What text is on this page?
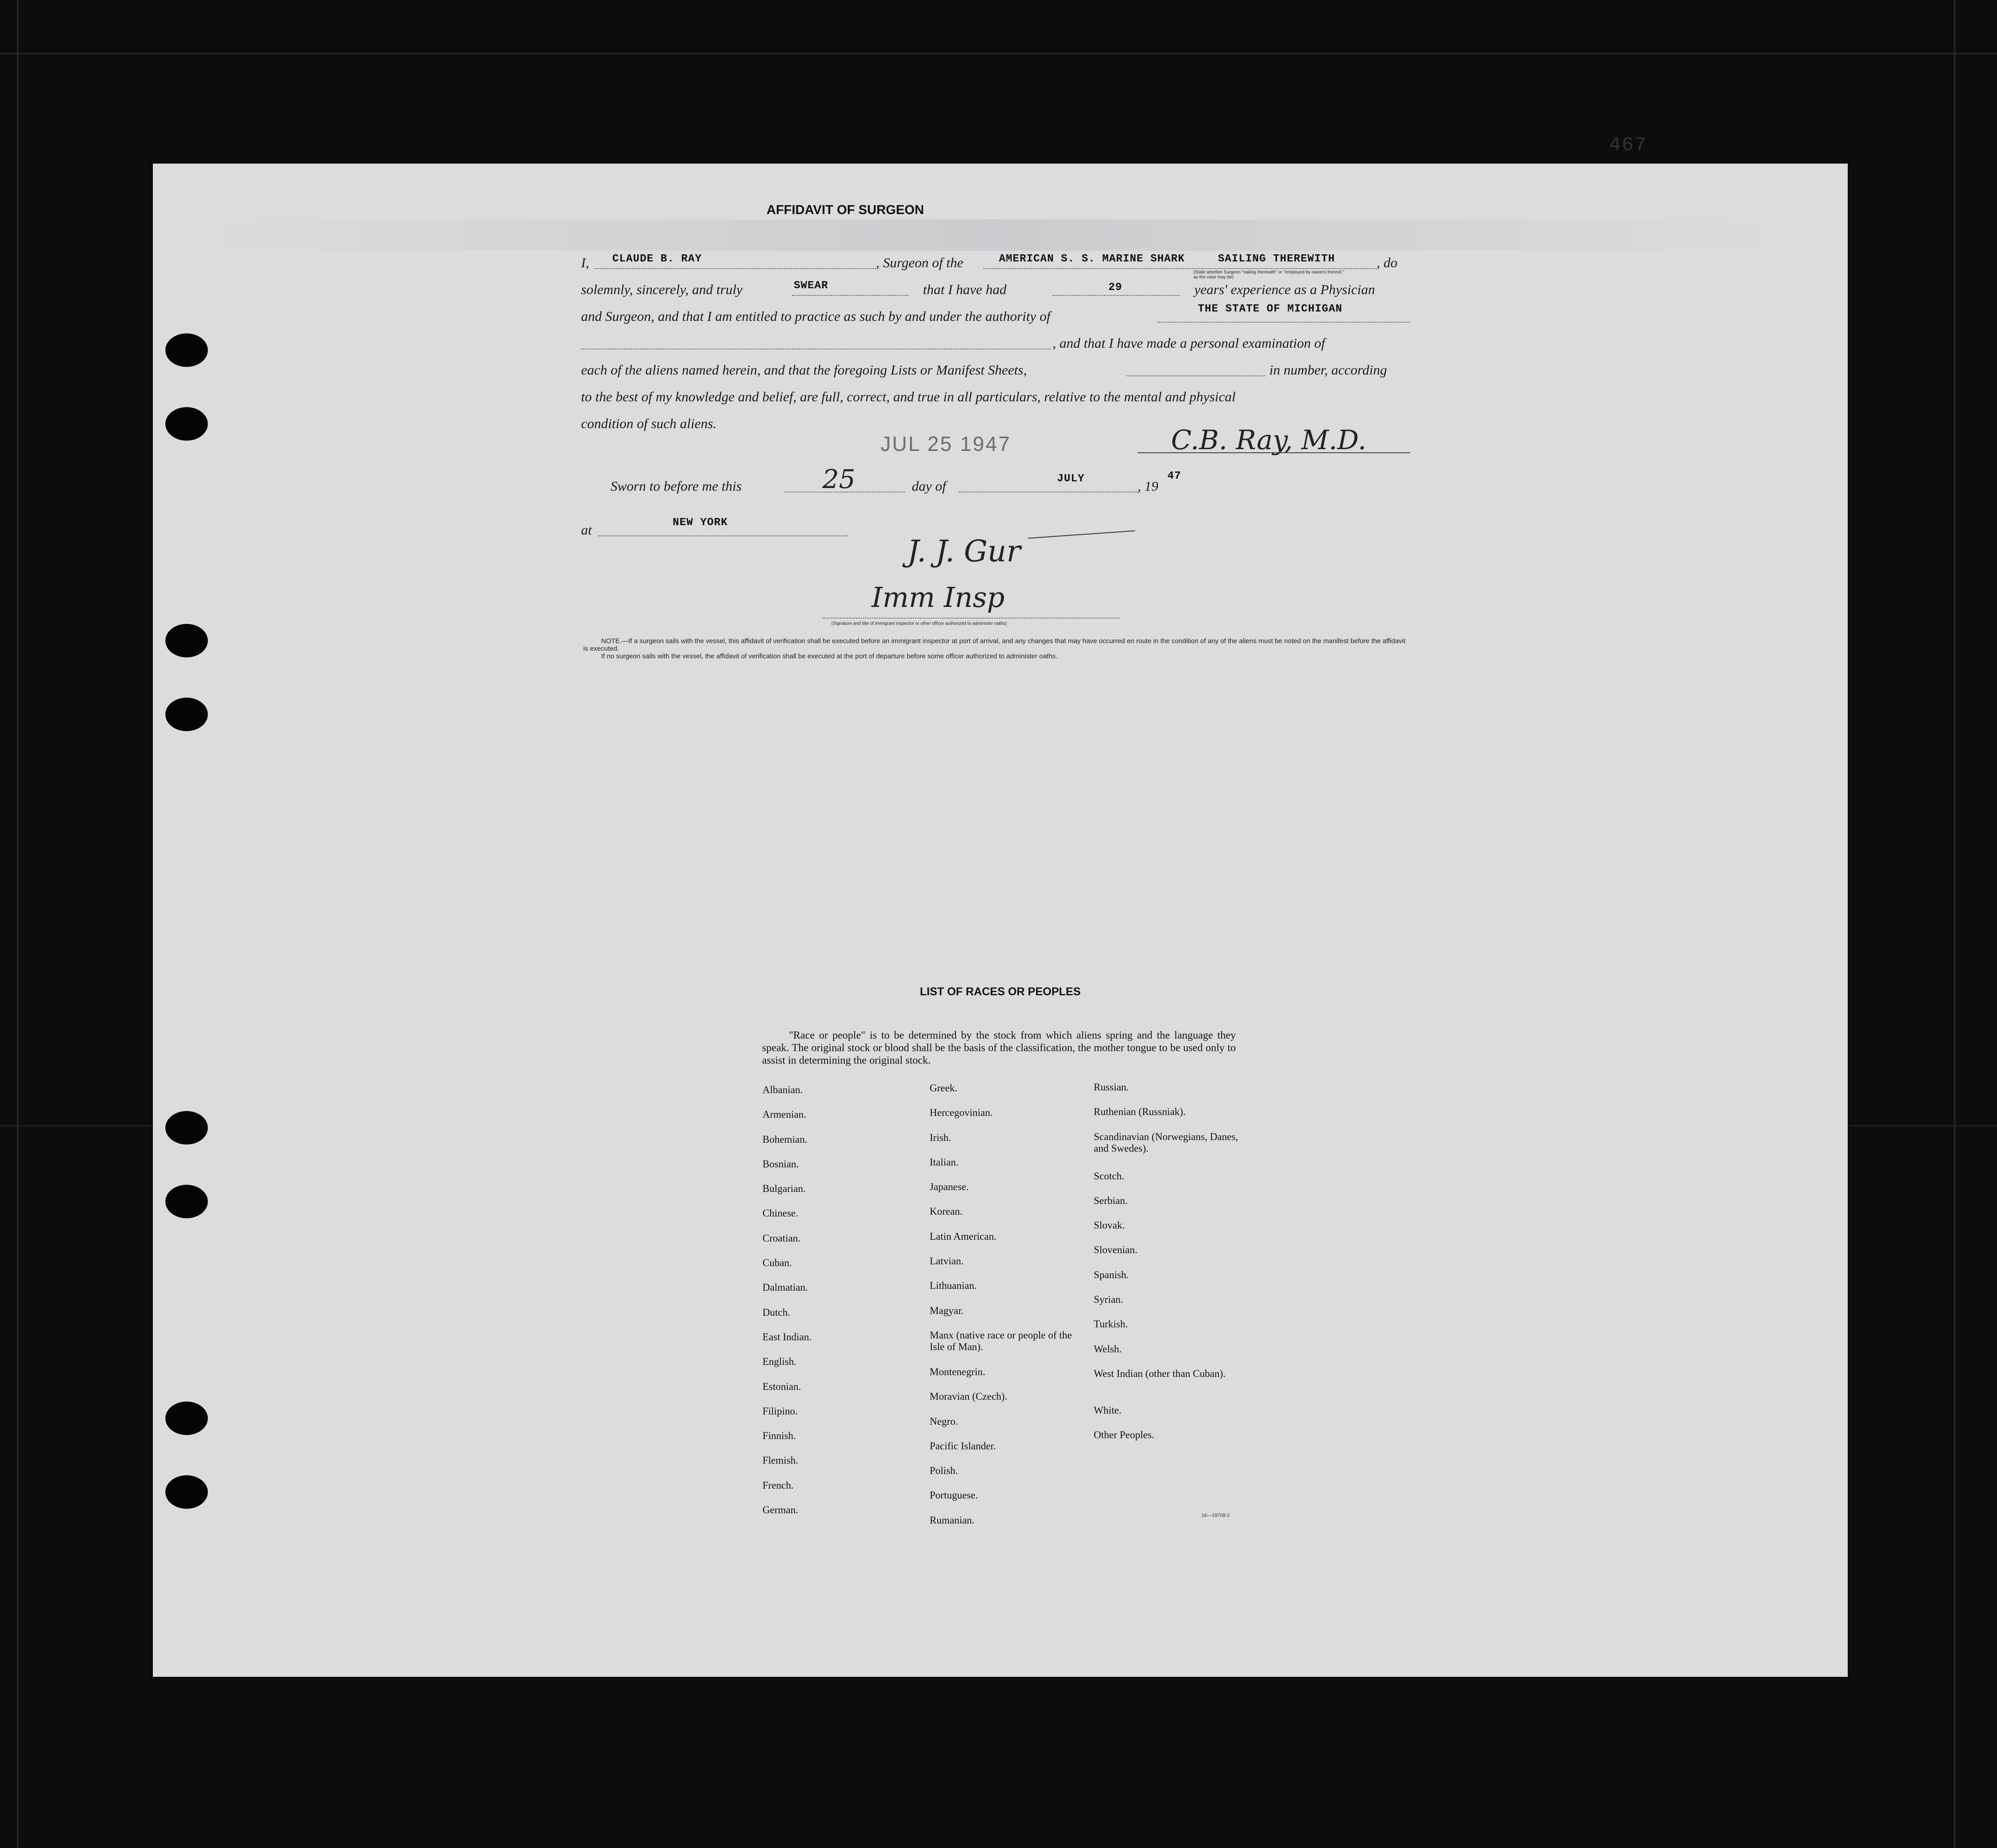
467
AFFIDAVIT OF SURGEON
I, CLAUDE B. RAY	, Surgeon of the	AMERICAN S. S. MARINE SHARK	SAILING THEREWITH	, do
(State whether Surgeon "sailing therewith" or "employed by owners thereof," as the case may be)
solemnly, sincerely, and truly	SWEAR	that I have had	29	years' experience as a Physician
and Surgeon, and that I am entitled to practice as such by and under the authority of	THE STATE OF MICHIGAN
, and that I have made a personal examination of
each of the aliens named herein, and that the foregoing Lists or Manifest Sheets,	in number, according
to the best of my knowledge and belief, are full, correct, and true in all particulars, relative to the mental and physical
condition of such aliens.
JUL 25 1947	C.B. Ray, M.D.
Sworn to before me this	25	day of	JULY	, 19
47
at	NEW YORK
J. J. Gur
Imm Insp
(Signature and title of immigrant inspector or other officer authorized to administer oaths)

NOTE.—If a surgeon sails with the vessel, this affidavit of verification shall be executed before an immigrant inspector at port of arrival, and any changes that may have occurred en route in the condition of any of the aliens must be noted on the manifest before the affidavit is executed.

If no surgeon sails with the vessel, the affidavit of verification shall be executed at the port of departure before some officer authorized to administer oaths.

LIST OF RACES OR PEOPLES

"Race or people" is to be determined by the stock from which aliens spring and the language they speak. The original stock or blood shall be the basis of the classification, the mother tongue to be used only to assist in determining the original stock.

Albanian.
Armenian.
Bohemian.
Bosnian.
Bulgarian.
Chinese.
Croatian.
Cuban.
Dalmatian.
Dutch.
East Indian.
English.
Estonian.
Filipino.
Finnish.
Flemish.
French.
German.
Greek.
Hercegovinian.
Irish.
Italian.
Japanese.
Korean.
Latin American.
Latvian.
Lithuanian.
Magyar.
Manx (native race or people of the Isle of Man).
Montenegrin.
Moravian (Czech).
Negro.
Pacific Islander.
Polish.
Portuguese.
Rumanian.
Russian.
Ruthenian (Russniak).
Scandinavian (Norwegians, Danes, and Swedes).
Scotch.
Serbian.
Slovak.
Slovenian.
Spanish.
Syrian.
Turkish.
Welsh.
West Indian (other than Cuban).
White.
Other Peoples.
16—18708-2
